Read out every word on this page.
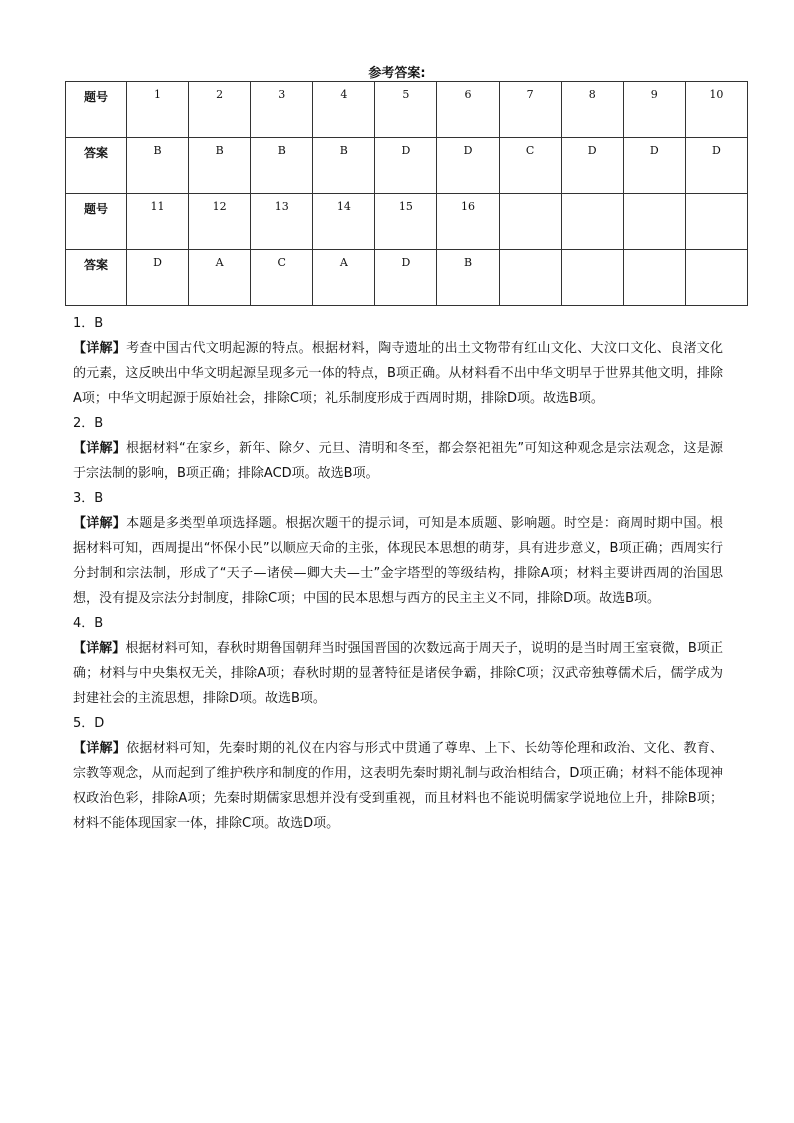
参考答案:
题号	1	2	3	4	5	6	7	8	9	10
答案	B	B	B	B	D	D	C	D	D	D
题号	11	12	13	14	15	16				
答案	D	A	C	A	D	B				

1．B

【详解】考查中国古代文明起源的特点。根据材料，陶寺遗址的出土文物带有红山文化、大汶口文化、良渚文化的元素，这反映出中华文明起源呈现多元一体的特点，B项正确。从材料看不出中华文明早于世界其他文明，排除A项；中华文明起源于原始社会，排除C项；礼乐制度形成于西周时期，排除D项。故选B项。

2．B

【详解】根据材料“在家乡，新年、除夕、元旦、清明和冬至，都会祭祀祖先”可知这种观念是宗法观念，这是源于宗法制的影响，B项正确；排除ACD项。故选B项。

3．B

【详解】本题是多类型单项选择题。根据次题干的提示词，可知是本质题、影响题。时空是：商周时期中国。根据材料可知，西周提出“怀保小民”以顺应天命的主张，体现民本思想的萌芽，具有进步意义，B项正确；西周实行分封制和宗法制，形成了“天子—诸侯—卿大夫—士”金字塔型的等级结构，排除A项；材料主要讲西周的治国思想，没有提及宗法分封制度，排除C项；中国的民本思想与西方的民主主义不同，排除D项。故选B项。

4．B

【详解】根据材料可知，春秋时期鲁国朝拜当时强国晋国的次数远高于周天子，说明的是当时周王室衰微，B项正确；材料与中央集权无关，排除A项；春秋时期的显著特征是诸侯争霸，排除C项；汉武帝独尊儒术后，儒学成为封建社会的主流思想，排除D项。故选B项。

5．D

【详解】依据材料可知，先秦时期的礼仪在内容与形式中贯通了尊卑、上下、长幼等伦理和政治、文化、教育、宗教等观念，从而起到了维护秩序和制度的作用，这表明先秦时期礼制与政治相结合，D项正确；材料不能体现神权政治色彩，排除A项；先秦时期儒家思想并没有受到重视，而且材料也不能说明儒家学说地位上升，排除B项；材料不能体现国家一体，排除C项。故选D项。
